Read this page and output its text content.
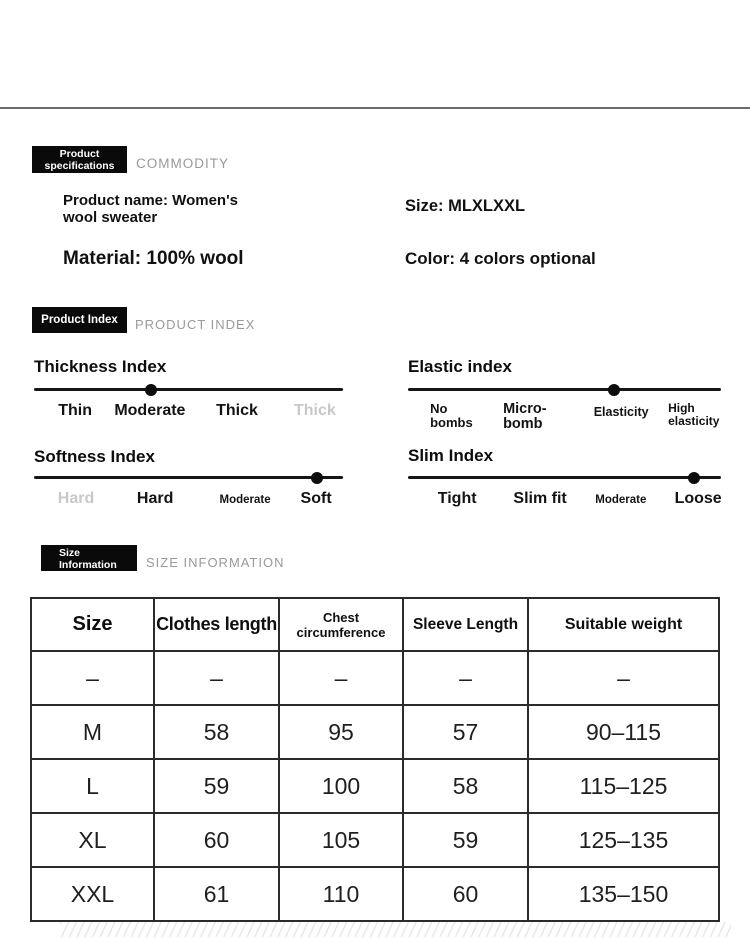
Product
specifications	COMMODITY
Product name: Women's wool sweater
Size: MLXLXXL
Material: 100% wool	Color: 4 colors optional
Product Index	PRODUCT INDEX
Thickness Index
Thin Moderate Thick Thick
Elastic index
No bombs
Micro- bomb
Elasticity High elasticity
Softness Index
Hard	Hard	Moderate Soft
Slim Index
Tight Slim fit Moderate Loose
Size
Information	SIZE INFORMATION
Size	Clothes length	Chest circumference	Sleeve Length	Suitable weight
–	–	–	–	–
M	58	95	57	90–115
L	59	100	58	115–125
XL	60	105	59	125–135
XXL	61	110	60	135–150
